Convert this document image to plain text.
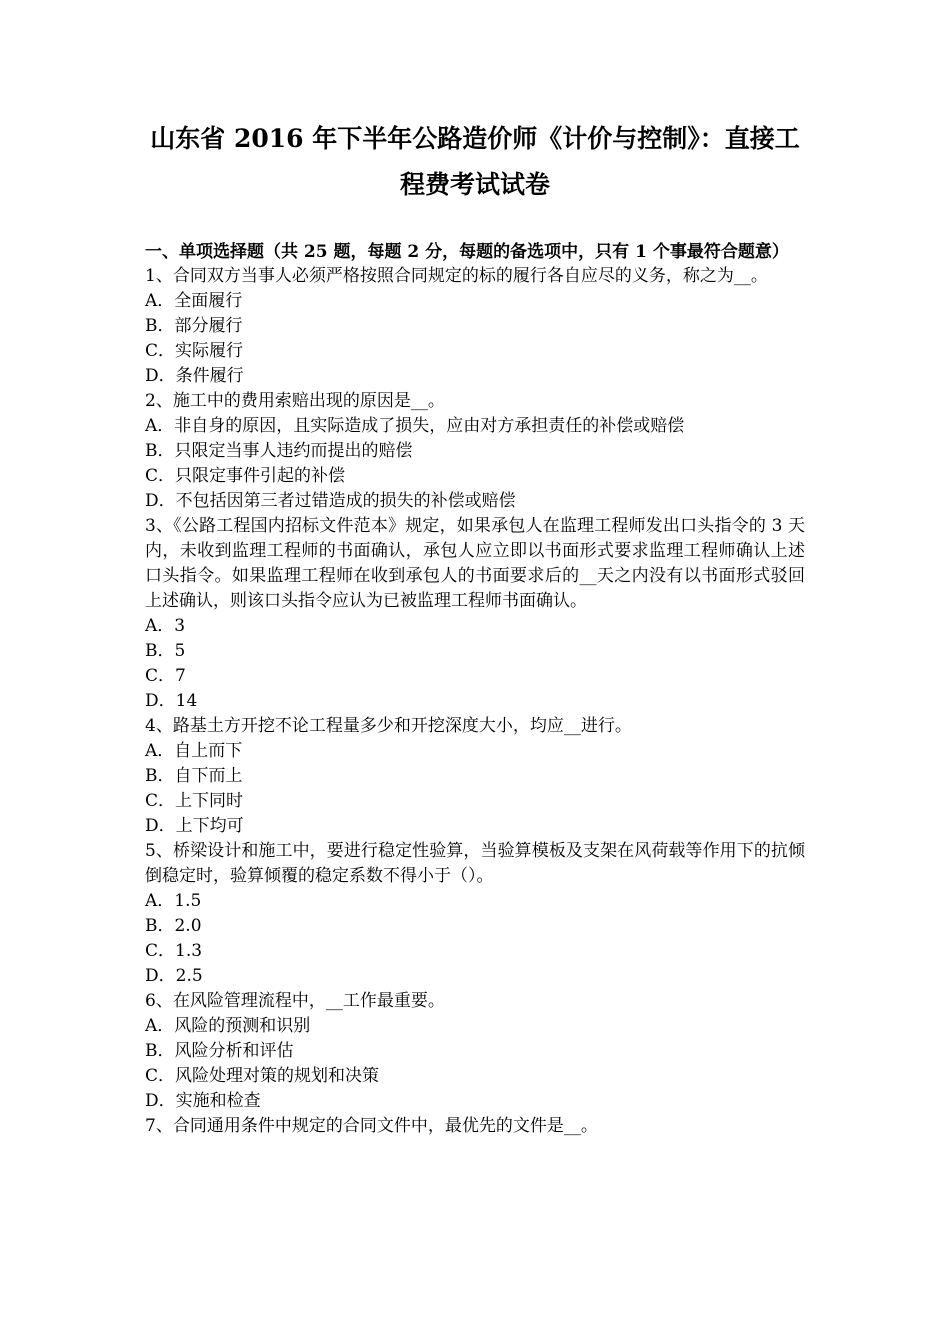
山东省 2016 年下半年公路造价师《计价与控制》：直接工
程费考试试卷
一、单项选择题（共 25 题，每题 2 分，每题的备选项中，只有 1 个事最符合题意）
1、合同双方当事人必须严格按照合同规定的标的履行各自应尽的义务，称之为__。
A．全面履行
B．部分履行
C．实际履行
D．条件履行
2、施工中的费用索赔出现的原因是__。
A．非自身的原因，且实际造成了损失，应由对方承担责任的补偿或赔偿
B．只限定当事人违约而提出的赔偿
C．只限定事件引起的补偿
D．不包括因第三者过错造成的损失的补偿或赔偿
3、《公路工程国内招标文件范本》规定，如果承包人在监理工程师发出口头指令的 3 天内，未收到监理工程师的书面确认，承包人应立即以书面形式要求监理工程师确认上述口头指令。如果监理工程师在收到承包人的书面要求后的__天之内没有以书面形式驳回上述确认，则该口头指令应认为已被监理工程师书面确认。
A．3
B．5
C．7
D．14
4、路基土方开挖不论工程量多少和开挖深度大小，均应__进行。
A．自上而下
B．自下而上
C．上下同时
D．上下均可
5、桥梁设计和施工中，要进行稳定性验算，当验算模板及支架在风荷载等作用下的抗倾倒稳定时，验算倾覆的稳定系数不得小于（）。
A．1.5
B．2.0
C．1.3
D．2.5
6、在风险管理流程中，__工作最重要。
A．风险的预测和识别
B．风险分析和评估
C．风险处理对策的规划和决策
D．实施和检查
7、合同通用条件中规定的合同文件中，最优先的文件是__。
